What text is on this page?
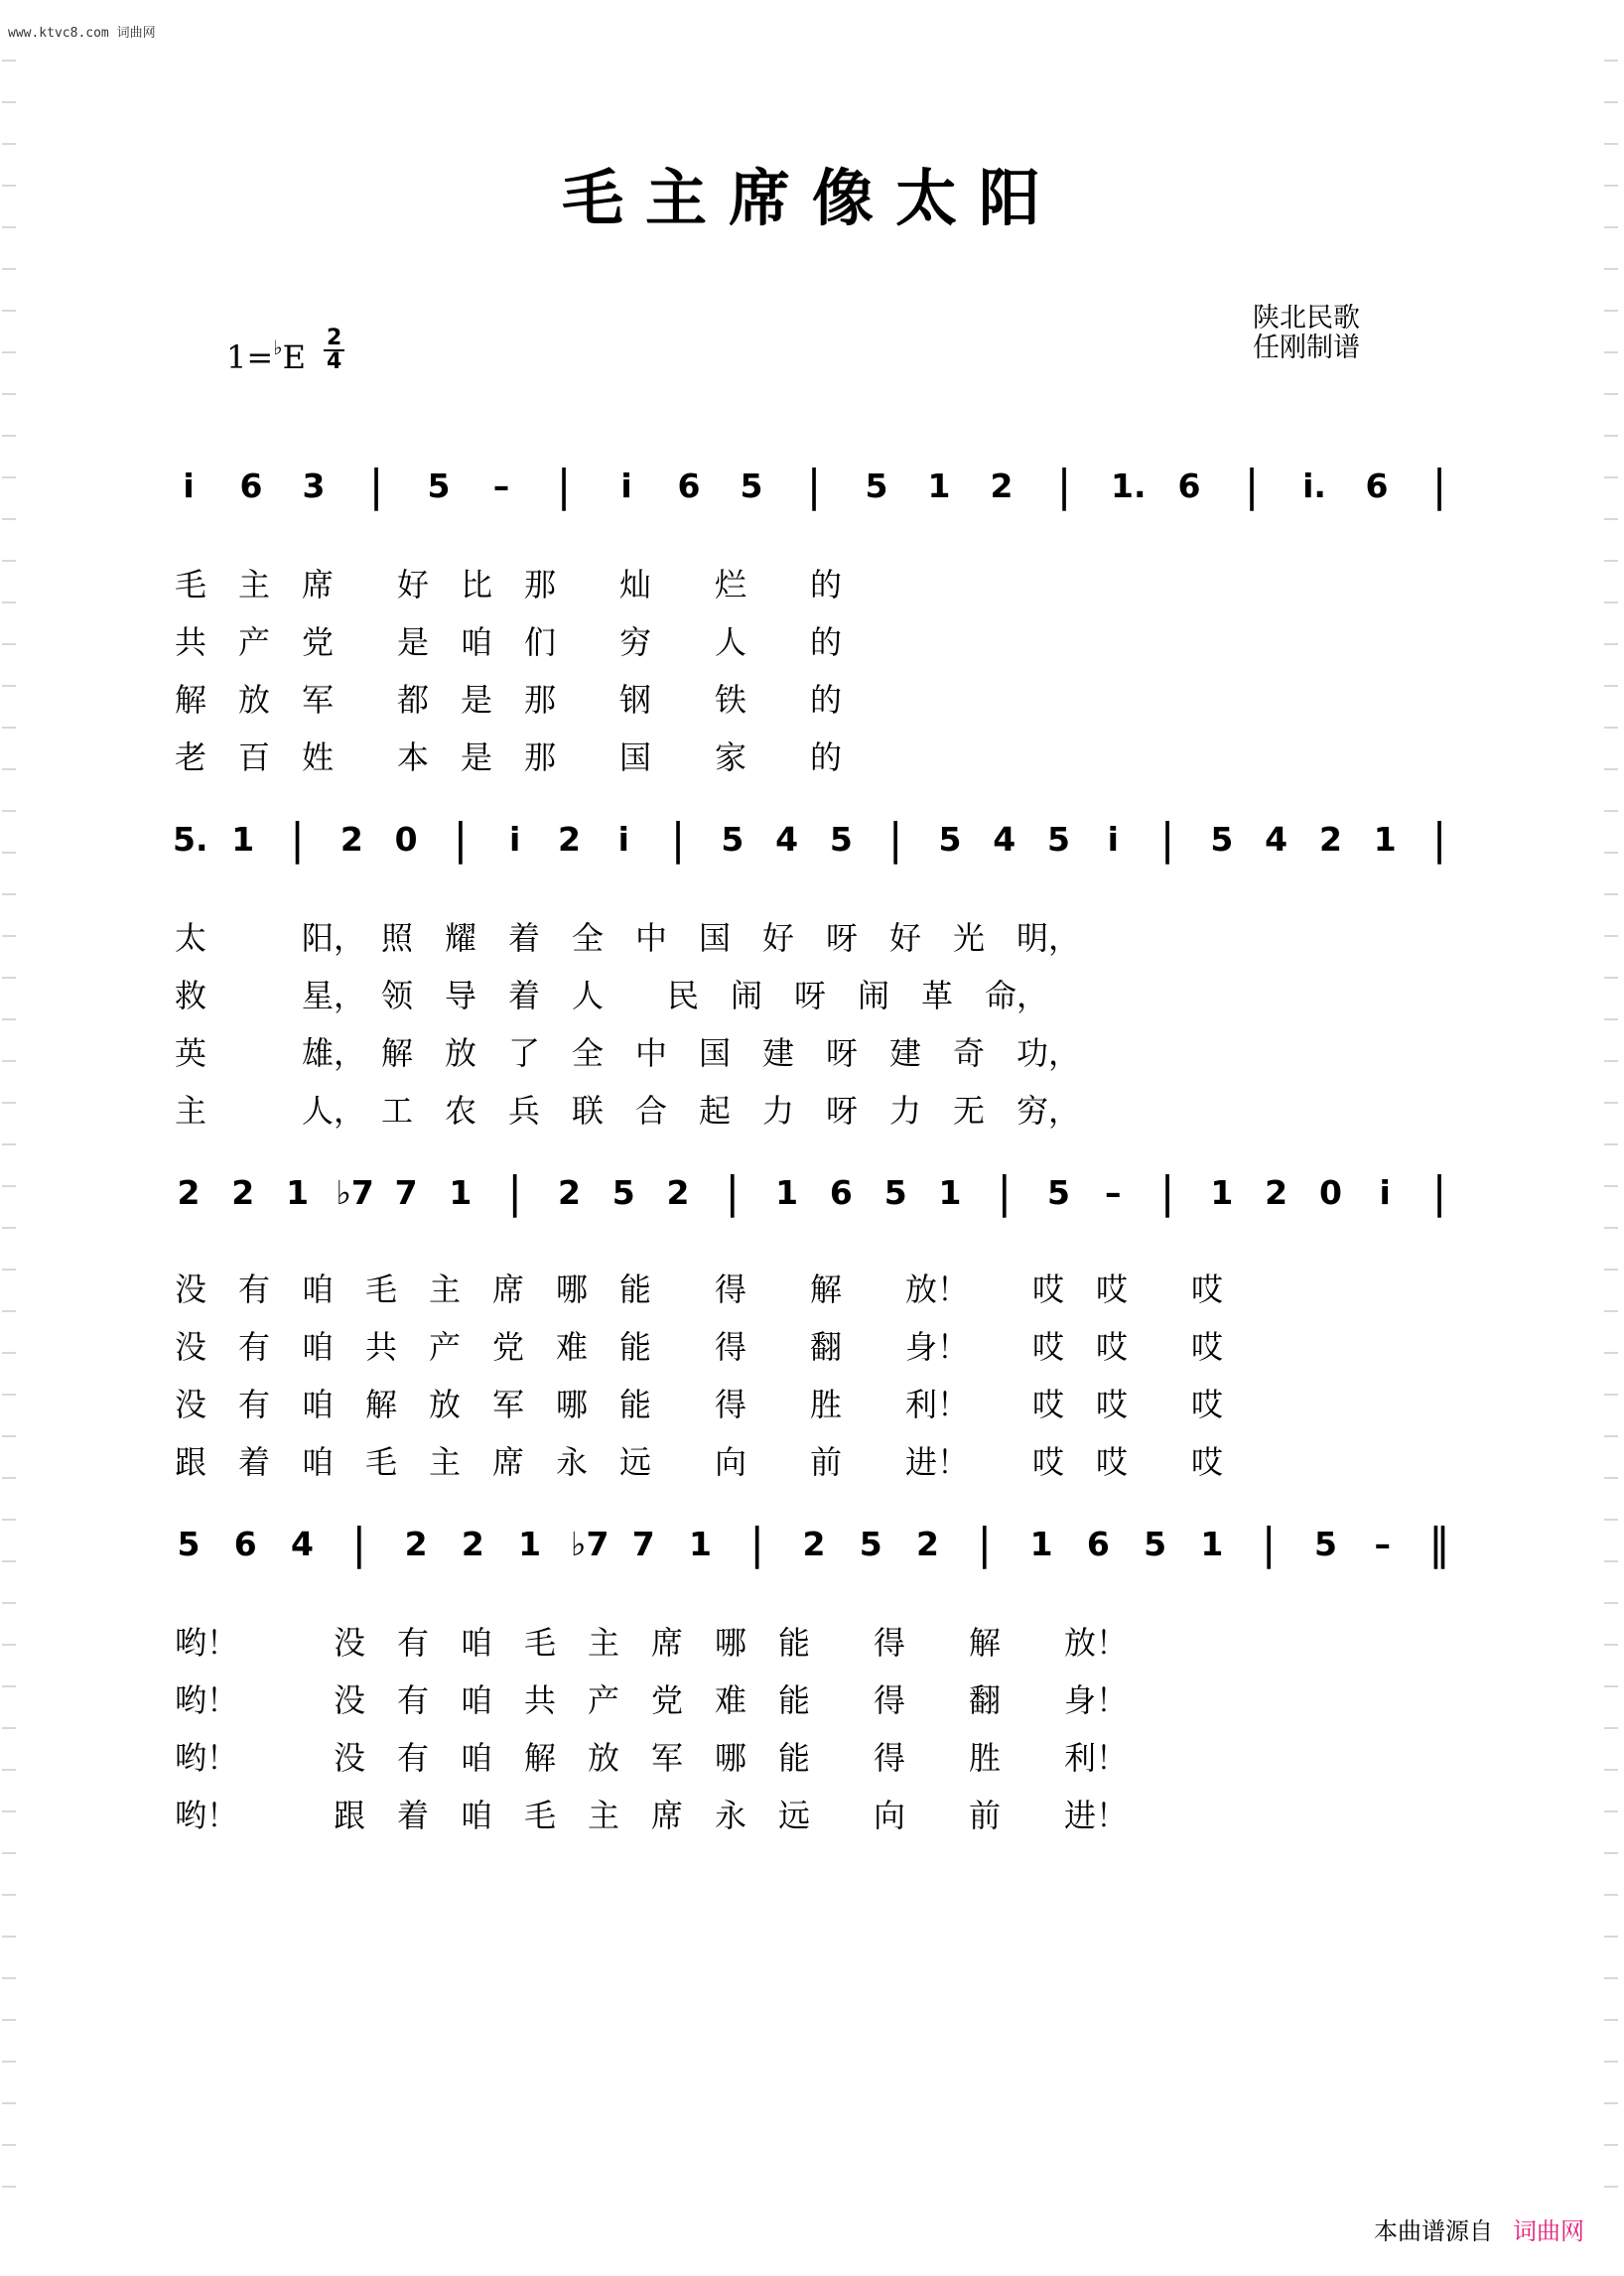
www.ktvc8.com 词曲网
毛主席像太阳
1=♭E
2
4
陕北民歌
任刚制谱
i	6 3 | 5 – |	i	6 5 | 5 1 2 | 1. 6 | i. 6 |
毛　主　席　　好　比　那　　灿　　烂　　的
共　产　党　　是　咱　们　　穷　　人　　的
解　放　军　　都　是　那　　钢　　铁　　的
老　百　姓　　本　是　那　　国　　家　　的
5. 1 | 2 0 |	i	2	i | 5 4 5 | 5 4 5	i | 5 4 2 1 |
太　　　阳，　照　耀　着　全　中　国　好　呀　好　光　明，
救　　　星，　领　导　着　人　　民　闹　呀　闹　革　命，
英　　　雄，　解　放　了　全　中　国　建　呀　建　奇　功，
主　　　人，　工　农　兵　联　合　起　力　呀　力　无　穷，
2 2 1 ♭7 7 1 | 2 5 2 | 1 6 5 1 | 5 – | 1 2 0	i |
没　有　咱　毛　主　席　哪　能　　得　　解　　放！　　哎　哎　　哎
没　有　咱　共　产　党　难　能　　得　　翻　　身！　　哎　哎　　哎
没　有　咱　解　放　军　哪　能　　得　　胜　　利！　　哎　哎　　哎
跟　着　咱　毛　主　席　永　远　　向　　前　　进！　　哎　哎　　哎
5 6 4 | 2 2 1 ♭7 7 1 | 2 5 2 | 1 6 5 1 | 5 – ‖
哟！　　　没　有　咱　毛　主　席　哪　能　　得　　解　　放！
哟！　　　没　有　咱　共　产　党　难　能　　得　　翻　　身！
哟！　　　没　有　咱　解　放　军　哪　能　　得　　胜　　利！
哟！　　　跟　着　咱　毛　主　席　永　远　　向　　前　　进！
本曲谱源自 词曲网
